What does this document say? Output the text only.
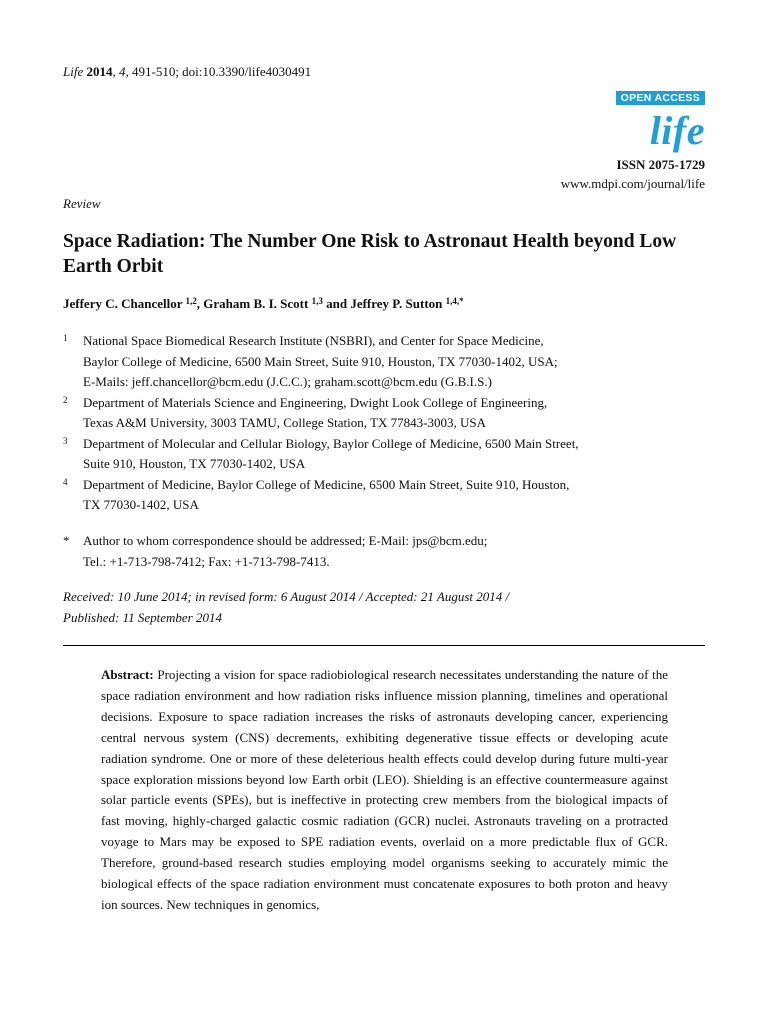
Life 2014, 4, 491-510; doi:10.3390/life4030491
OPEN ACCESS
life
ISSN 2075-1729
www.mdpi.com/journal/life
Review
Space Radiation: The Number One Risk to Astronaut Health beyond Low Earth Orbit
Jeffery C. Chancellor $^{1,2}$, Graham B. I. Scott $^{1,3}$ and Jeffrey P. Sutton $^{1,4,*}$
1 National Space Biomedical Research Institute (NSBRI), and Center for Space Medicine,
Baylor College of Medicine, 6500 Main Street, Suite 910, Houston, TX 77030-1402, USA;
E-Mails: jeff.chancellor@bcm.edu (J.C.C.); graham.scott@bcm.edu (G.B.I.S.)
2 Department of Materials Science and Engineering, Dwight Look College of Engineering,
Texas A&M University, 3003 TAMU, College Station, TX 77843-3003, USA
3 Department of Molecular and Cellular Biology, Baylor College of Medicine, 6500 Main Street,
Suite 910, Houston, TX 77030-1402, USA
4 Department of Medicine, Baylor College of Medicine, 6500 Main Street, Suite 910, Houston,
TX 77030-1402, USA
* Author to whom correspondence should be addressed; E-Mail: jps@bcm.edu;
Tel.: +1-713-798-7412; Fax: +1-713-798-7413.
Received: 10 June 2014; in revised form: 6 August 2014 / Accepted: 21 August 2014 /
Published: 11 September 2014

Abstract: Projecting a vision for space radiobiological research necessitates understanding the nature of the space radiation environment and how radiation risks influence mission planning, timelines and operational decisions. Exposure to space radiation increases the risks of astronauts developing cancer, experiencing central nervous system (CNS) decrements, exhibiting degenerative tissue effects or developing acute radiation syndrome. One or more of these deleterious health effects could develop during future multi-year space exploration missions beyond low Earth orbit (LEO). Shielding is an effective countermeasure against solar particle events (SPEs), but is ineffective in protecting crew members from the biological impacts of fast moving, highly-charged galactic cosmic radiation (GCR) nuclei. Astronauts traveling on a protracted voyage to Mars may be exposed to SPE radiation events, overlaid on a more predictable flux of GCR. Therefore, ground-based research studies employing model organisms seeking to accurately mimic the biological effects of the space radiation environment must concatenate exposures to both proton and heavy ion sources. New techniques in genomics,
